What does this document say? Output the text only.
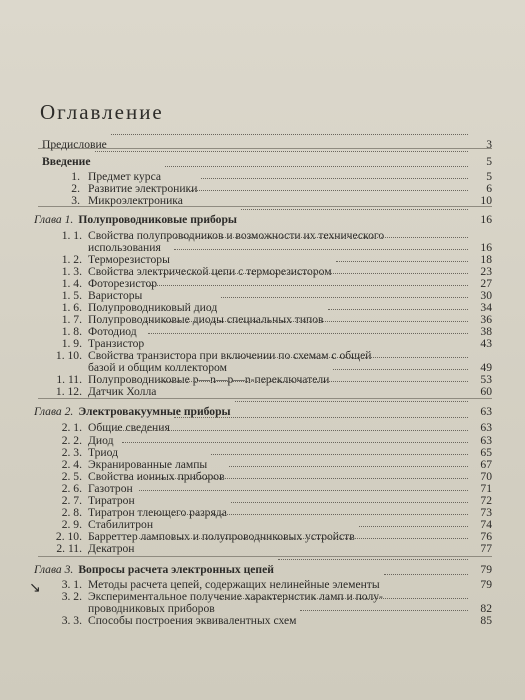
Оглавление
Предисловие	3
Введение	5
1. Предмет курса	5
2. Развитие электроники	6
3. Микроэлектроника	10
Глава 1. Полупроводниковые приборы	16
1. 1. Свойства полупроводников и возможности их технического
использования	16
1. 2. Терморезисторы	18
1. 3. Свойства электрической цепи с терморезистором	23
1. 4. Фоторезистор	27
1. 5. Варисторы	30
1. 6. Полупроводниковый диод	34
1. 7. Полупроводниковые диоды специальных типов	36
1. 8. Фотодиод	38
1. 9. Транзистор	43
1. 10. Свойства транзистора при включении по схемам с общей
базой и общим коллектором	49
1. 11. Полупроводниковые p—n—p—n-переключатели	53
1. 12. Датчик Холла	60
Глава 2. Электровакуумные приборы	63
2. 1. Общие сведения	63
2. 2. Диод	63
2. 3. Триод	65
2. 4. Экранированные лампы	67
2. 5. Свойства ионных приборов	70
2. 6. Газотрон	71
2. 7. Тиратрон	72
2. 8. Тиратрон тлеющего разряда	73
2. 9. Стабилитрон	74
2. 10. Барреттер ламповых и полупроводниковых устройств	76
2. 11. Декатрон	77
Глава 3. Вопросы расчета электронных цепей	79
3. 1. Методы расчета цепей, содержащих нелинейные элементы	79
3. 2. Экспериментальное получение характеристик ламп и полу-
проводниковых приборов	82
3. 3. Способы построения эквивалентных схем	85
↘
